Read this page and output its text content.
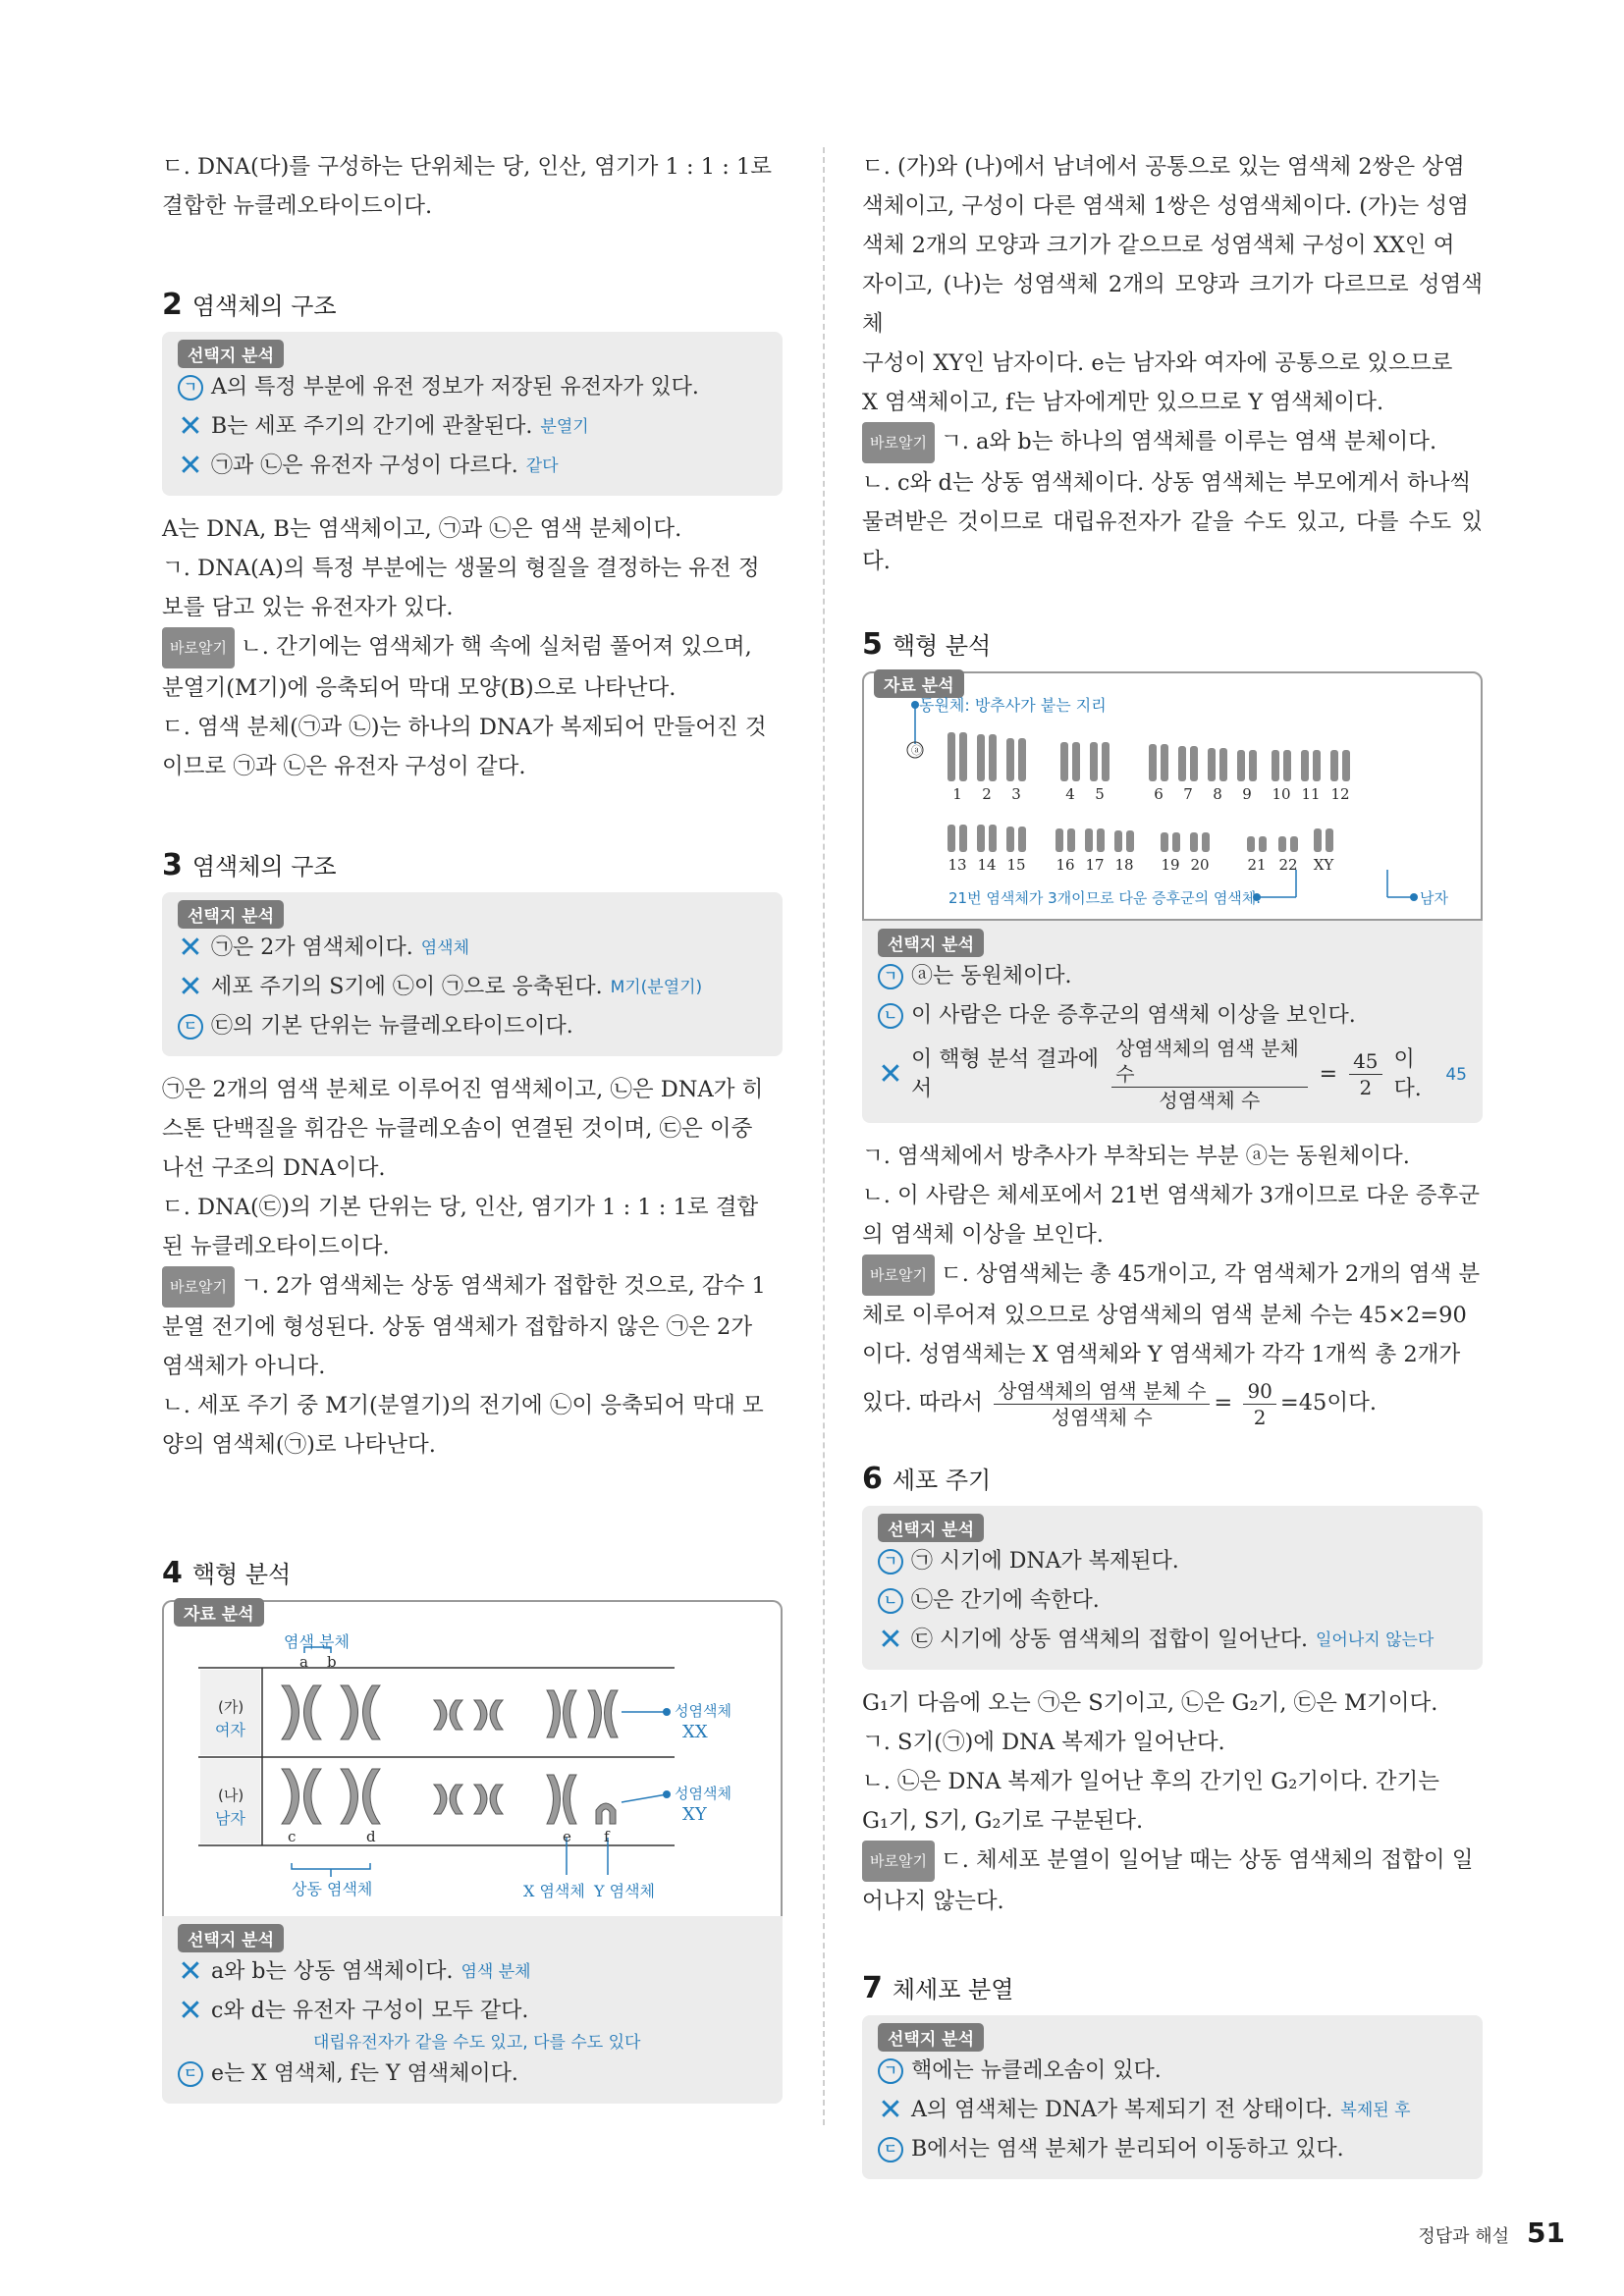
ㄷ. DNA(다)를 구성하는 단위체는 당, 인산, 염기가 1 : 1 : 1로

결합한 뉴클레오타이드이다.

2 염색체의 구조
선택지 분석
ㄱ A의 특정 부분에 유전 정보가 저장된 유전자가 있다.
✕ B는 세포 주기의 간기에 관찰된다. 분열기
✕ ㉠과 ㉡은 유전자 구성이 다르다. 같다

A는 DNA, B는 염색체이고, ㉠과 ㉡은 염색 분체이다.

ㄱ. DNA(A)의 특정 부분에는 생물의 형질을 결정하는 유전 정

보를 담고 있는 유전자가 있다.

바로알기 ㄴ. 간기에는 염색체가 핵 속에 실처럼 풀어져 있으며,

분열기(M기)에 응축되어 막대 모양(B)으로 나타난다.

ㄷ. 염색 분체(㉠과 ㉡)는 하나의 DNA가 복제되어 만들어진 것

이므로 ㉠과 ㉡은 유전자 구성이 같다.

3 염색체의 구조
선택지 분석
✕ ㉠은 2가 염색체이다. 염색체
✕ 세포 주기의 S기에 ㉡이 ㉠으로 응축된다. M기(분열기)
ㄷ ㉢의 기본 단위는 뉴클레오타이드이다.

㉠은 2개의 염색 분체로 이루어진 염색체이고, ㉡은 DNA가 히

스톤 단백질을 휘감은 뉴클레오솜이 연결된 것이며, ㉢은 이중

나선 구조의 DNA이다.

ㄷ. DNA(㉢)의 기본 단위는 당, 인산, 염기가 1 : 1 : 1로 결합

된 뉴클레오타이드이다.

바로알기 ㄱ. 2가 염색체는 상동 염색체가 접합한 것으로, 감수 1

분열 전기에 형성된다. 상동 염색체가 접합하지 않은 ㉠은 2가

염색체가 아니다.

ㄴ. 세포 주기 중 M기(분열기)의 전기에 ㉡이 응축되어 막대 모

양의 염색체(㉠)로 나타난다.

4 핵형 분석
자료 분석
염색 분체
a b
(가)
여자
(나)
남자
성염색체
XX
성염색체
XY
c	d	e f
상동 염색체	X 염색체 Y 염색체
선택지 분석
✕ a와 b는 상동 염색체이다. 염색 분체
✕ c와 d는 유전자 구성이 모두 같다.
대립유전자가 같을 수도 있고, 다를 수도 있다
ㄷ e는 X 염색체, f는 Y 염색체이다.

ㄷ. (가)와 (나)에서 남녀에서 공통으로 있는 염색체 2쌍은 상염

색체이고, 구성이 다른 염색체 1쌍은 성염색체이다. (가)는 성염

색체 2개의 모양과 크기가 같으므로 성염색체 구성이 XX인 여

자이고, (나)는 성염색체 2개의 모양과 크기가 다르므로 성염색체

구성이 XY인 남자이다. e는 남자와 여자에 공통으로 있으므로

X 염색체이고, f는 남자에게만 있으므로 Y 염색체이다.

바로알기 ㄱ. a와 b는 하나의 염색체를 이루는 염색 분체이다.

ㄴ. c와 d는 상동 염색체이다. 상동 염색체는 부모에게서 하나씩

물려받은 것이므로 대립유전자가 같을 수도 있고, 다를 수도 있다.

5 핵형 분석
자료 분석
동원체: 방추사가 붙는 지리
ⓐ
1 2 3	4 5	6 7 8 9 10 11 12
13 14 15 16 17 18 19 20	21 22 XY
21번 염색체가 3개이므로 다운 증후군의 염색체.	남자
선택지 분석
ㄱ ⓐ는 동원체이다.
ㄴ 이 사람은 다운 증후군의 염색체 이상을 보인다.
✕ 이 핵형 분석 결과에서	$\frac{\text{상염색체의 염색 분체 수}}{\text{성염색체 수}} = \frac{45}{2}$ 이다.
45

ㄱ. 염색체에서 방추사가 부착되는 부분 ⓐ는 동원체이다.

ㄴ. 이 사람은 체세포에서 21번 염색체가 3개이므로 다운 증후군

의 염색체 이상을 보인다.

바로알기 ㄷ. 상염색체는 총 45개이고, 각 염색체가 2개의 염색 분

체로 이루어져 있으므로 상염색체의 염색 분체 수는 45×2=90

이다. 성염색체는 X 염색체와 Y 염색체가 각각 1개씩 총 2개가

있다. 따라서 $\frac{\text{상염색체의 염색 분체 수}}{\text{성염색체 수}} = \frac{90}{2} =45$이다.

6 세포 주기
선택지 분석
ㄱ ㉠ 시기에 DNA가 복제된다.
ㄴ ㉡은 간기에 속한다.
✕ ㉢ 시기에 상동 염색체의 접합이 일어난다. 일어나지 않는다

G₁기 다음에 오는 ㉠은 S기이고, ㉡은 G₂기, ㉢은 M기이다.

ㄱ. S기(㉠)에 DNA 복제가 일어난다.

ㄴ. ㉡은 DNA 복제가 일어난 후의 간기인 G₂기이다. 간기는

G₁기, S기, G₂기로 구분된다.

바로알기 ㄷ. 체세포 분열이 일어날 때는 상동 염색체의 접합이 일

어나지 않는다.

7 체세포 분열
선택지 분석
ㄱ 핵에는 뉴클레오솜이 있다.
✕ A의 염색체는 DNA가 복제되기 전 상태이다. 복제된 후
ㄷ B에서는 염색 분체가 분리되어 이동하고 있다.
정답과 해설 51
